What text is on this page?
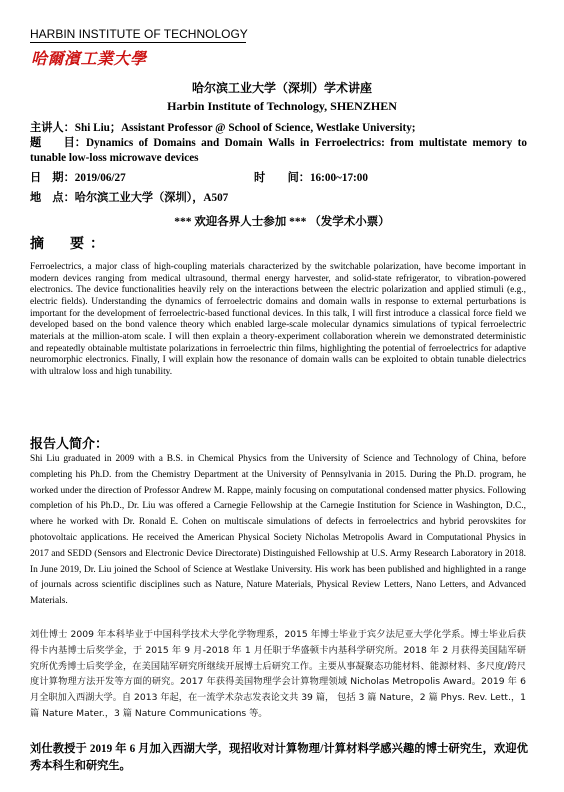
HARBIN INSTITUTE OF TECHNOLOGY
哈爾濱工業大學
哈尔滨工业大学（深圳）学术讲座
Harbin Institute of Technology, SHENZHEN
主讲人：Shi Liu；Assistant Professor @ School of Science, Westlake University;
题　　目：Dynamics of Domains and Domain Walls in Ferroelectrics: from multistate memory to tunable low-loss microwave devices
日　期：2019/06/27	时　　间：16:00~17:00
地　点：哈尔滨工业大学（深圳），A507
*** 欢迎各界人士参加 *** （发学术小票）
摘　要：
Ferroelectrics, a major class of high-coupling materials characterized by the switchable polarization, have become important in modern devices ranging from medical ultrasound, thermal energy harvester, and solid-state refrigerator, to vibration-powered electronics. The device functionalities heavily rely on the interactions between the electric polarization and applied stimuli (e.g., electric fields). Understanding the dynamics of ferroelectric domains and domain walls in response to external perturbations is important for the development of ferroelectric-based functional devices. In this talk, I will first introduce a classical force field we developed based on the bond valence theory which enabled large-scale molecular dynamics simulations of typical ferroelectric materials at the million-atom scale. I will then explain a theory-experiment collaboration wherein we demonstrated deterministic and repeatedly obtainable multistate polarizations in ferroelectric thin films, highlighting the potential of ferroelectrics for adaptive neuromorphic electronics. Finally, I will explain how the resonance of domain walls can be exploited to obtain tunable dielectrics with ultralow loss and high tunability.
报告人简介：
Shi Liu graduated in 2009 with a B.S. in Chemical Physics from the University of Science and Technology of China, before completing his Ph.D. from the Chemistry Department at the University of Pennsylvania in 2015. During the Ph.D. program, he worked under the direction of Professor Andrew M. Rappe, mainly focusing on computational condensed matter physics. Following completion of his Ph.D., Dr. Liu was offered a Carnegie Fellowship at the Carnegie Institution for Science in Washington, D.C., where he worked with Dr. Ronald E. Cohen on multiscale simulations of defects in ferroelectrics and hybrid perovskites for photovoltaic applications. He received the American Physical Society Nicholas Metropolis Award in Computational Physics in 2017 and SEDD (Sensors and Electronic Device Directorate) Distinguished Fellowship at U.S. Army Research Laboratory in 2018. In June 2019, Dr. Liu joined the School of Science at Westlake University. His work has been published and highlighted in a range of journals across scientific disciplines such as Nature, Nature Materials, Physical Review Letters, Nano Letters, and Advanced Materials.
刘仕博士 2009 年本科毕业于中国科学技术大学化学物理系，2015 年博士毕业于宾夕法尼亚大学化学系。博士毕业后获得卡内基博士后奖学金，于 2015 年 9 月-2018 年 1 月任职于华盛顿卡内基科学研究所。2018 年 2 月获得美国陆军研究所优秀博士后奖学金，在美国陆军研究所继续开展博士后研究工作。主要从事凝聚态功能材料、能源材料、多尺度/跨尺度计算物理方法开发等方面的研究。2017 年获得美国物理学会计算物理领域 Nicholas Metropolis Award。2019 年 6 月全职加入西湖大学。自 2013 年起，在一流学术杂志发表论文共 39 篇， 包括 3 篇 Nature，2 篇 Phys. Rev. Lett.，1 篇 Nature Mater.，3 篇 Nature Communications 等。
刘仕教授于 2019 年 6 月加入西湖大学，现招收对计算物理/计算材料学感兴趣的博士研究生，欢迎优秀本科生和研究生。
